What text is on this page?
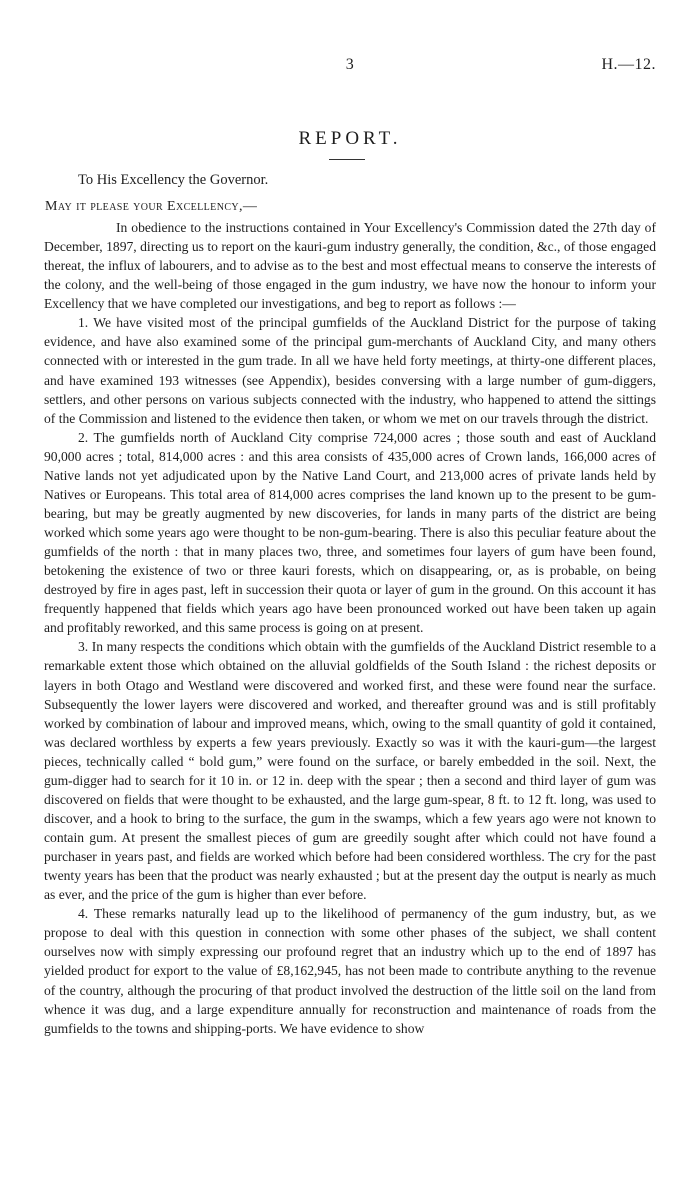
3	H.—12.
REPORT.
To His Excellency the Governor.
May it please your Excellency,—

In obedience to the instructions contained in Your Excellency's Commission dated the 27th day of December, 1897, directing us to report on the kauri-gum industry generally, the condition, &c., of those engaged thereat, the influx of labourers, and to advise as to the best and most effectual means to conserve the interests of the colony, and the well-being of those engaged in the gum industry, we have now the honour to inform your Excellency that we have completed our investigations, and beg to report as follows :—

1. We have visited most of the principal gumfields of the Auckland District for the purpose of taking evidence, and have also examined some of the principal gum-merchants of Auckland City, and many others connected with or interested in the gum trade. In all we have held forty meetings, at thirty-one different places, and have examined 193 witnesses (see Appendix), besides conversing with a large number of gum-diggers, settlers, and other persons on various subjects connected with the industry, who happened to attend the sittings of the Commission and listened to the evidence then taken, or whom we met on our travels through the district.

2. The gumfields north of Auckland City comprise 724,000 acres ; those south and east of Auckland 90,000 acres ; total, 814,000 acres : and this area consists of 435,000 acres of Crown lands, 166,000 acres of Native lands not yet adjudicated upon by the Native Land Court, and 213,000 acres of private lands held by Natives or Europeans. This total area of 814,000 acres comprises the land known up to the present to be gum-bearing, but may be greatly augmented by new discoveries, for lands in many parts of the district are being worked which some years ago were thought to be non-gum-bearing. There is also this peculiar feature about the gumfields of the north : that in many places two, three, and sometimes four layers of gum have been found, betokening the existence of two or three kauri forests, which on disappearing, or, as is probable, on being destroyed by fire in ages past, left in succession their quota or layer of gum in the ground. On this account it has frequently happened that fields which years ago have been pronounced worked out have been taken up again and profitably reworked, and this same process is going on at present.

3. In many respects the conditions which obtain with the gumfields of the Auckland District resemble to a remarkable extent those which obtained on the alluvial goldfields of the South Island : the richest deposits or layers in both Otago and Westland were discovered and worked first, and these were found near the surface. Subsequently the lower layers were discovered and worked, and thereafter ground was and is still profitably worked by combination of labour and improved means, which, owing to the small quantity of gold it contained, was declared worthless by experts a few years previously. Exactly so was it with the kauri-gum—the largest pieces, technically called “ bold gum,” were found on the surface, or barely embedded in the soil. Next, the gum-digger had to search for it 10 in. or 12 in. deep with the spear ; then a second and third layer of gum was discovered on fields that were thought to be exhausted, and the large gum-spear, 8 ft. to 12 ft. long, was used to discover, and a hook to bring to the surface, the gum in the swamps, which a few years ago were not known to contain gum. At present the smallest pieces of gum are greedily sought after which could not have found a purchaser in years past, and fields are worked which before had been considered worthless. The cry for the past twenty years has been that the product was nearly exhausted ; but at the present day the output is nearly as much as ever, and the price of the gum is higher than ever before.

4. These remarks naturally lead up to the likelihood of permanency of the gum industry, but, as we propose to deal with this question in connection with some other phases of the subject, we shall content ourselves now with simply expressing our profound regret that an industry which up to the end of 1897 has yielded product for export to the value of £8,162,945, has not been made to contribute anything to the revenue of the country, although the procuring of that product involved the destruction of the little soil on the land from whence it was dug, and a large expenditure annually for reconstruction and maintenance of roads from the gumfields to the towns and shipping-ports. We have evidence to show
